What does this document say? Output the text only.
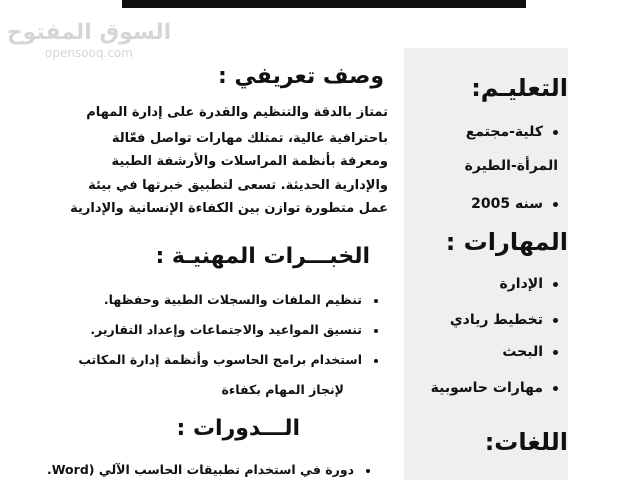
السوق المفتوح
opensooq.com
التعليـم:
كلية-مجتمع
المرأة-الطيرة
سنه 2005
المهارات :
الإدارة
تخطيط ريادي
البحث
مهارات حاسوبية
اللغات:
وصف تعريفي :
تمتاز بالدقة والتنظيم والقدرة على إدارة المهام
باحترافية عالية، تمتلك مهارات تواصل فعّالة
ومعرفة بأنظمة المراسلات والأرشفة الطبية
والإدارية الحديثة. تسعى لتطبيق خبرتها في بيئة
عمل متطورة توازن بين الكفاءة الإنسانية والإدارية
الخبـــرات المهنيـة :
تنظيم الملفات والسجلات الطبية وحفظها.
تنسيق المواعيد والاجتماعات وإعداد التقارير.
استخدام برامج الحاسوب وأنظمة إدارة المكاتب
لإنجاز المهام بكفاءة
الـــدورات :
دورة في استخدام تطبيقات الحاسب الآلي (Word.
